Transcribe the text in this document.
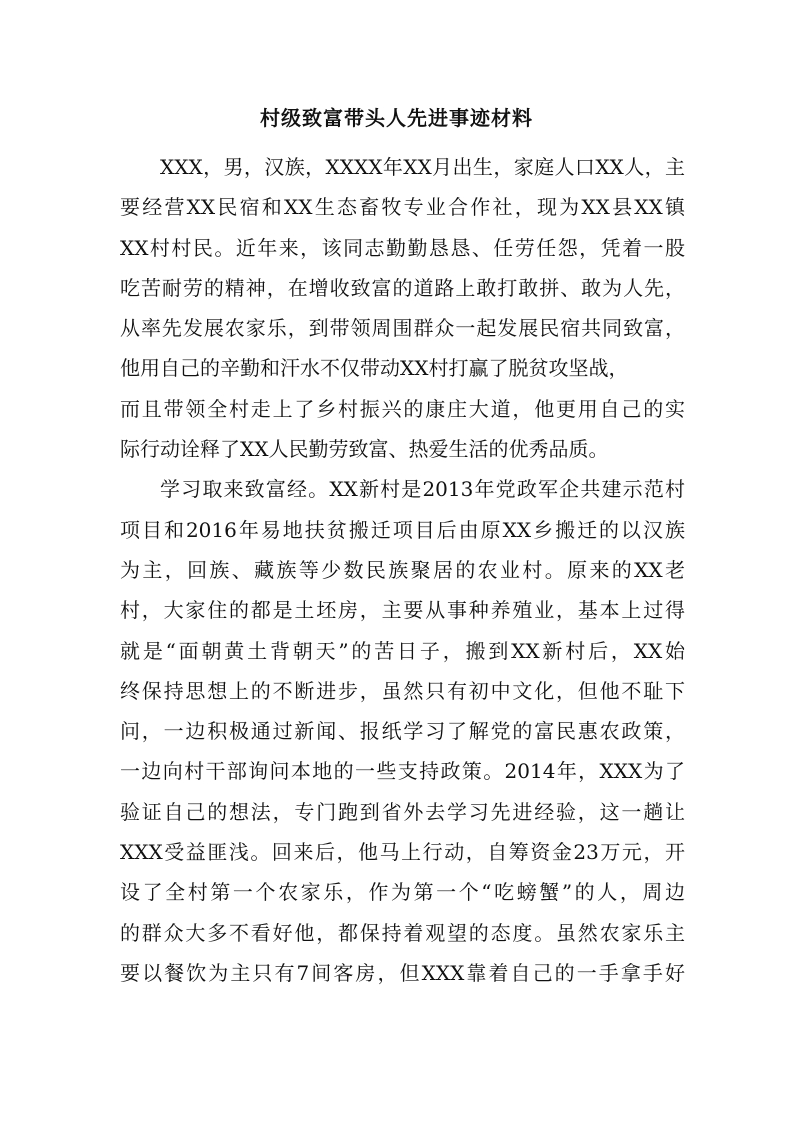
村级致富带头人先进事迹材料
XXX，男，汉族，XXXX年XX月出生，家庭人口XX人，主
要经营XX民宿和XX生态畜牧专业合作社，现为XX县XX镇
XX村村民。近年来，该同志勤勤恳恳、任劳任怨，凭着一股
吃苦耐劳的精神，在增收致富的道路上敢打敢拼、敢为人先，
从率先发展农家乐，到带领周围群众一起发展民宿共同致富，
他用自己的辛勤和汗水不仅带动XX村打赢了脱贫攻坚战，
而且带领全村走上了乡村振兴的康庄大道，他更用自己的实
际行动诠释了XX人民勤劳致富、热爱生活的优秀品质。
学习取来致富经。XX新村是2013年党政军企共建示范村
项目和2016年易地扶贫搬迁项目后由原XX乡搬迁的以汉族
为主，回族、藏族等少数民族聚居的农业村。原来的XX老
村，大家住的都是土坯房，主要从事种养殖业，基本上过得
就是“面朝黄土背朝天”的苦日子，搬到XX新村后，XX始
终保持思想上的不断进步，虽然只有初中文化，但他不耻下
问，一边积极通过新闻、报纸学习了解党的富民惠农政策，
一边向村干部询问本地的一些支持政策。2014年，XXX为了
验证自己的想法，专门跑到省外去学习先进经验，这一趟让
XXX受益匪浅。回来后，他马上行动，自筹资金23万元，开
设了全村第一个农家乐，作为第一个“吃螃蟹”的人，周边
的群众大多不看好他，都保持着观望的态度。虽然农家乐主
要以餐饮为主只有7间客房，但XXX靠着自己的一手拿手好
